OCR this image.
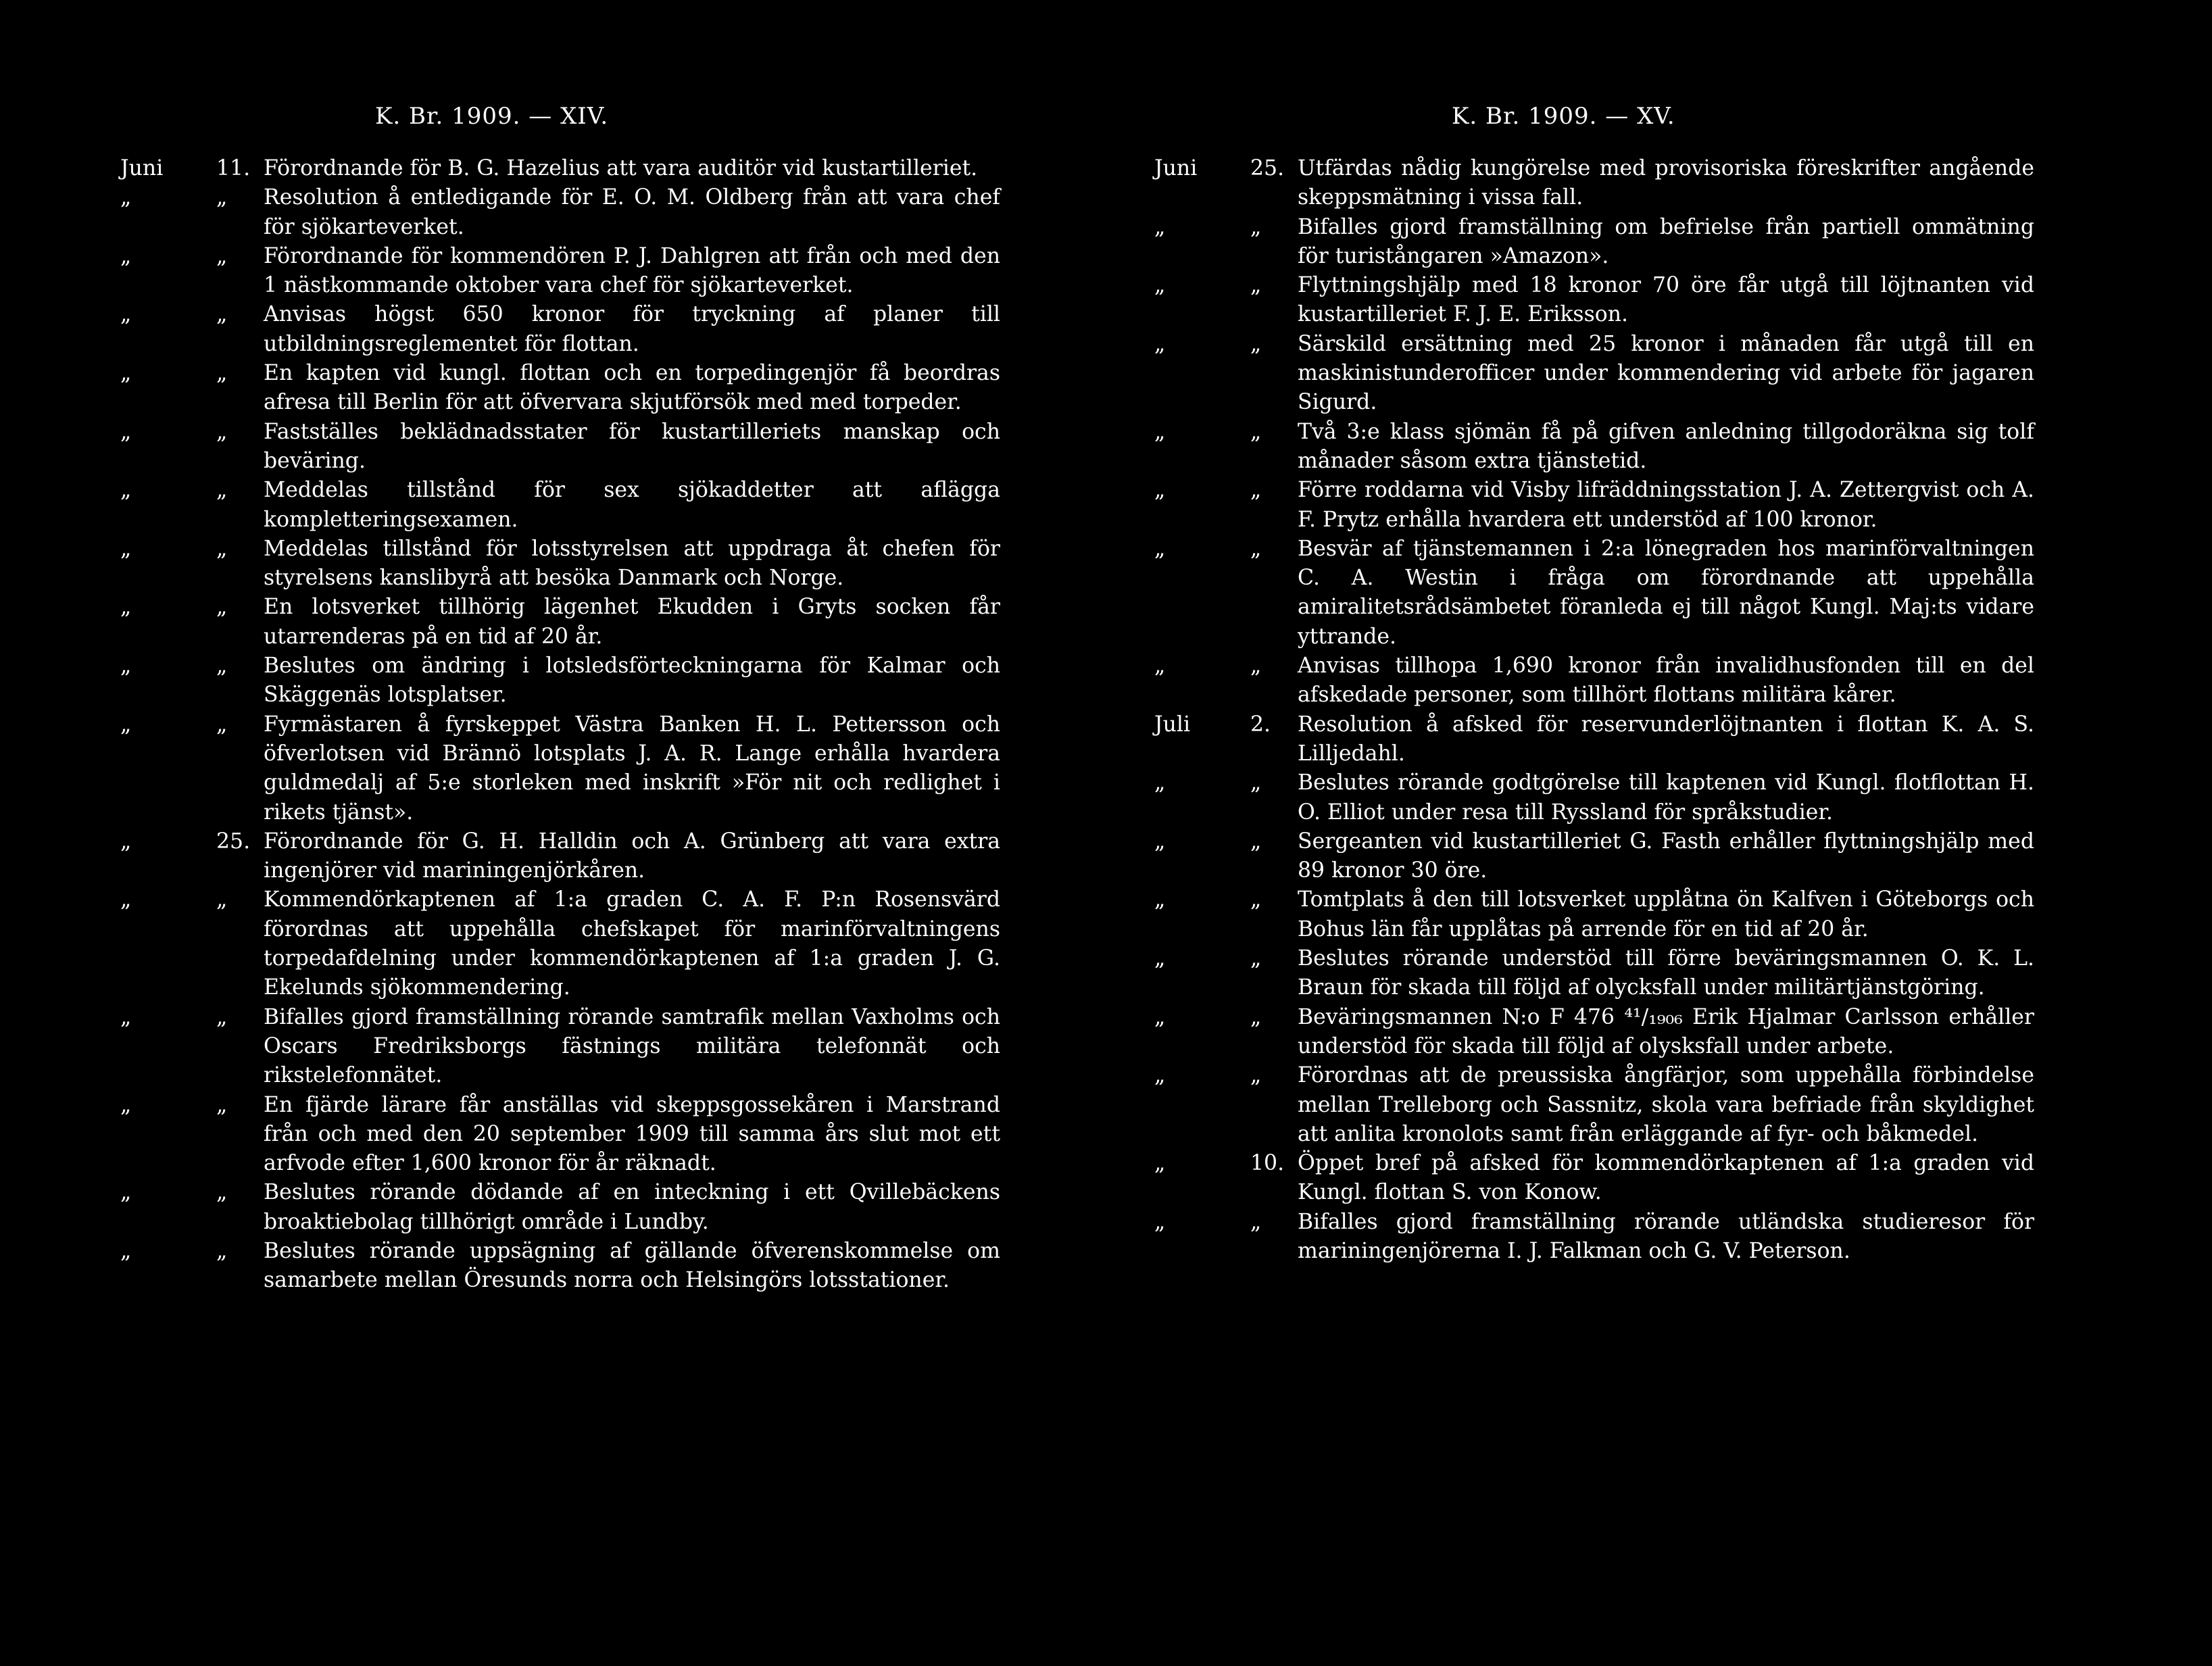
K. Br. 1909. — XIV.
Juni	11. Förordnande för B. G. Hazelius att vara auditör vid kustartilleriet.
„	„	Resolution å entledigande för E. O. M. Oldberg från att vara chef för sjökarteverket.
„	„	Förordnande för kommendören P. J. Dahlgren att från och med den 1 nästkommande oktober vara chef för sjökarteverket.
„	„	Anvisas högst 650 kronor för tryckning af planer till utbildningsreglementet för flottan.
„	„	En kapten vid kungl. flottan och en torpedingenjör få beordras afresa till Berlin för att öfvervara skjutförsök med med torpeder.
„	„	Fastställes beklädnadsstater för kustartilleriets manskap och beväring.
„	„	Meddelas tillstånd för sex sjökaddetter att aflägga kompletteringsexamen.
„	„	Meddelas tillstånd för lotsstyrelsen att uppdraga åt chefen för styrelsens kanslibyrå att besöka Danmark och Norge.
„	„	En lotsverket tillhörig lägenhet Ekudden i Gryts socken får utarrenderas på en tid af 20 år.
„	„	Beslutes om ändring i lotsledsförteckningarna för Kalmar och Skäggenäs lotsplatser.
„	„	Fyrmästaren å fyrskeppet Västra Banken H. L. Pettersson och öfverlotsen vid Brännö lotsplats J. A. R. Lange erhålla hvardera guldmedalj af 5:e storleken med inskrift »För nit och redlighet i rikets tjänst».
„	25. Förordnande för G. H. Halldin och A. Grünberg att vara extra ingenjörer vid mariningenjörkåren.
„	„	Kommendörkaptenen af 1:a graden C. A. F. P:n Rosensvärd förordnas att uppehålla chefskapet för marinförvaltningens torpedafdelning under kommendörkaptenen af 1:a graden J. G. Ekelunds sjökommendering.
„	„	Bifalles gjord framställning rörande samtrafik mellan Vaxholms och Oscars Fredriksborgs fästnings militära telefonnät och rikstelefonnätet.
„	„	En fjärde lärare får anställas vid skeppsgossekåren i Marstrand från och med den 20 september 1909 till samma års slut mot ett arfvode efter 1,600 kronor för år räknadt.
„	„	Beslutes rörande dödande af en inteckning i ett Qvillebäckens broaktiebolag tillhörigt område i Lundby.
„	„	Beslutes rörande uppsägning af gällande öfverenskommelse om samarbete mellan Öresunds norra och Helsingörs lotsstationer.
K. Br. 1909. — XV.
Juni	25. Utfärdas nådig kungörelse med provisoriska föreskrifter angående skeppsmätning i vissa fall.
„	„	Bifalles gjord framställning om befrielse från partiell ommätning för turistångaren »Amazon».
„	„	Flyttningshjälp med 18 kronor 70 öre får utgå till löjtnanten vid kustartilleriet F. J. E. Eriksson.
„	„	Särskild ersättning med 25 kronor i månaden får utgå till en maskinistunderofficer under kommendering vid arbete för jagaren Sigurd.
„	„	Två 3:e klass sjömän få på gifven anledning tillgodoräkna sig tolf månader såsom extra tjänstetid.
„	„	Förre roddarna vid Visby lifräddningsstation J. A. Zettergvist och A. F. Prytz erhålla hvardera ett understöd af 100 kronor.
„	„	Besvär af tjänstemannen i 2:a lönegraden hos marinförvaltningen C. A. Westin i fråga om förordnande att uppehålla amiralitetsrådsämbetet föranleda ej till något Kungl. Maj:ts vidare yttrande.
„	„	Anvisas tillhopa 1,690 kronor från invalidhusfonden till en del afskedade personer, som tillhört flottans militära kårer.
Juli	2.	Resolution å afsked för reservunderlöjtnanten i flottan K. A. S. Lilljedahl.
„	„	Beslutes rörande godtgörelse till kaptenen vid Kungl. flotflottan H. O. Elliot under resa till Ryssland för språkstudier.
„	„	Sergeanten vid kustartilleriet G. Fasth erhåller flyttningshjälp med 89 kronor 30 öre.
„	„	Tomtplats å den till lotsverket upplåtna ön Kalfven i Göteborgs och Bohus län får upplåtas på arrende för en tid af 20 år.
„	„	Beslutes rörande understöd till förre beväringsmannen O. K. L. Braun för skada till följd af olycksfall under militärtjänstgöring.
„	„	Beväringsmannen N:o F 476 ⁴¹/₁₉₀₆ Erik Hjalmar Carlsson erhåller understöd för skada till följd af olysksfall under arbete.
„	„	Förordnas att de preussiska ångfärjor, som uppehålla förbindelse mellan Trelleborg och Sassnitz, skola vara befriade från skyldighet att anlita kronolots samt från erläggande af fyr- och båkmedel.
„	10. Öppet bref på afsked för kommendörkaptenen af 1:a graden vid Kungl. flottan S. von Konow.
„	„	Bifalles gjord framställning rörande utländska studieresor för mariningenjörerna I. J. Falkman och G. V. Peterson.
